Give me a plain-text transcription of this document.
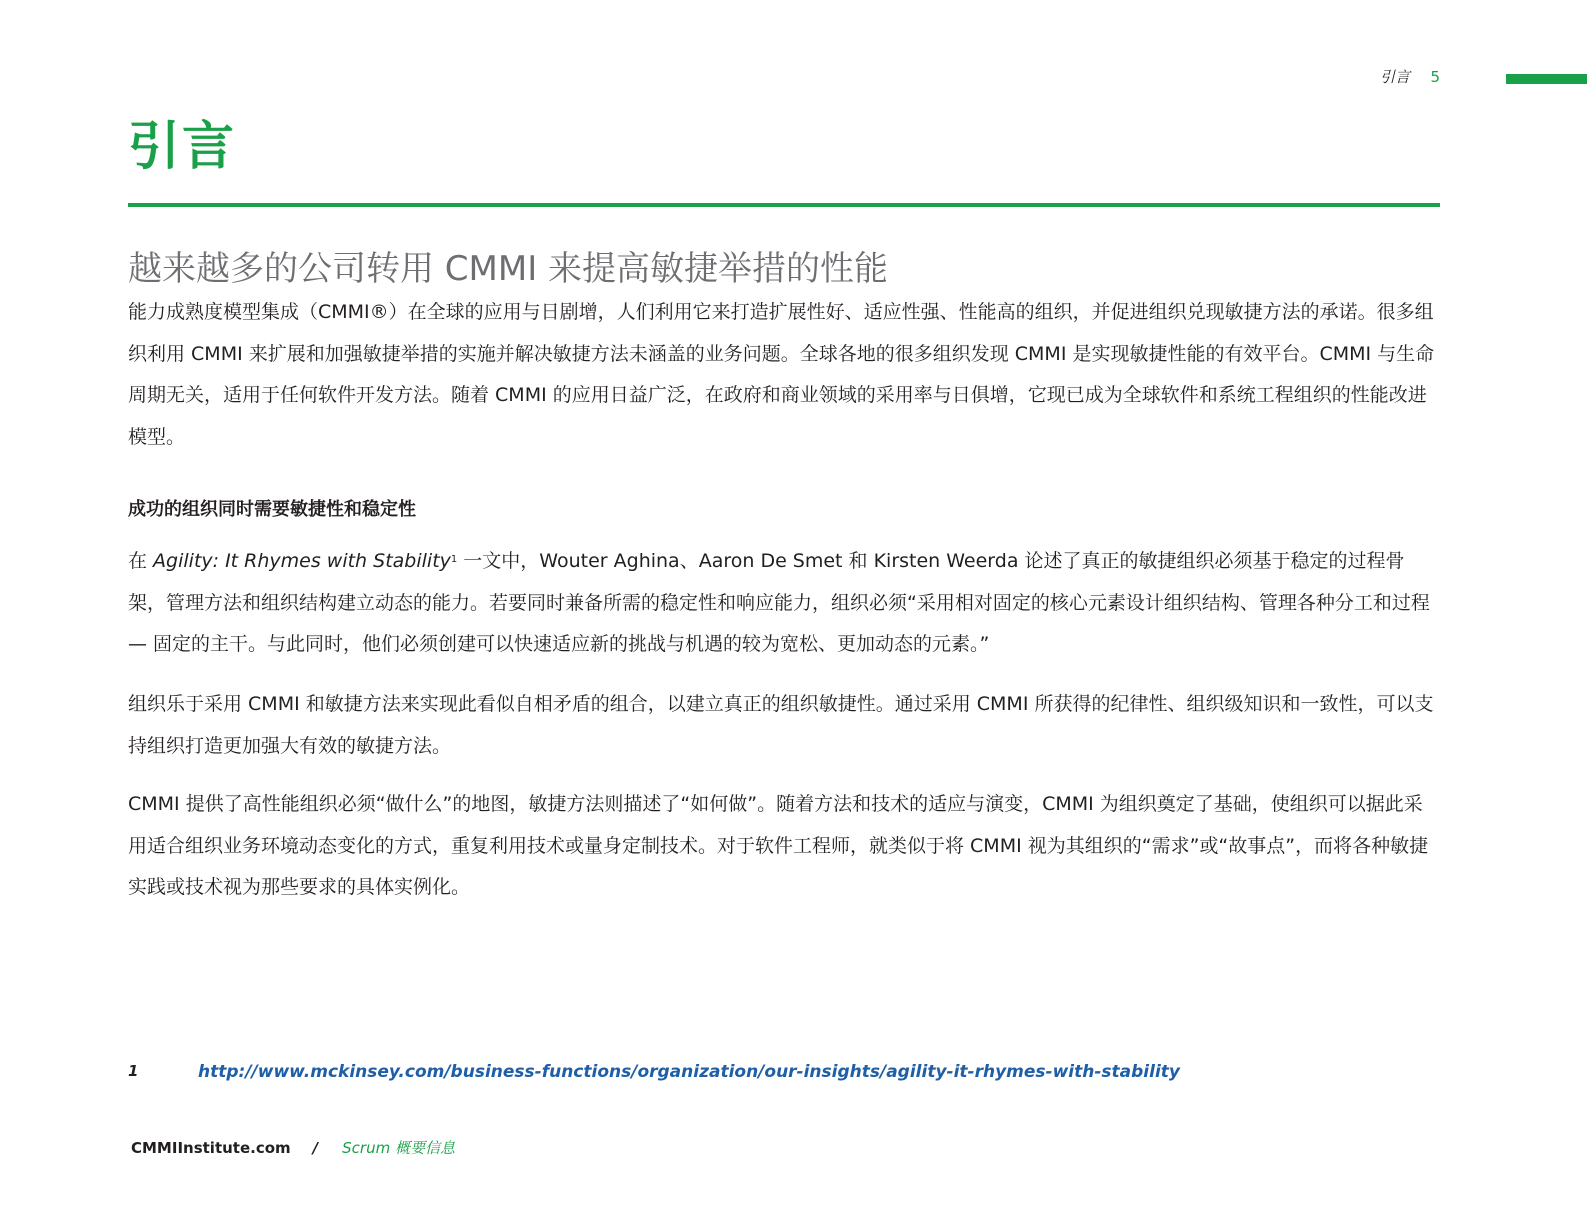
引言 5
引言
越来越多的公司转用 CMMI 来提高敏捷举措的性能

能力成熟度模型集成（CMMI®）在全球的应用与日剧增，人们利用它来打造扩展性好、适应性强、性能高的组织，并促进组织兑现敏捷方法的承诺。很多组织利用 CMMI 来扩展和加强敏捷举措的实施并解决敏捷方法未涵盖的业务问题。全球各地的很多组织发现 CMMI 是实现敏捷性能的有效平台。CMMI 与生命周期无关，适用于任何软件开发方法。随着 CMMI 的应用日益广泛，在政府和商业领域的采用率与日俱增，它现已成为全球软件和系统工程组织的性能改进模型。

成功的组织同时需要敏捷性和稳定性

在 Agility: It Rhymes with Stability$^1$ 一文中，Wouter Aghina、Aaron De Smet 和 Kirsten Weerda 论述了真正的敏捷组织必须基于稳定的过程骨架，管理方法和组织结构建立动态的能力。若要同时兼备所需的稳定性和响应能力，组织必须“采用相对固定的核心元素设计组织结构、管理各种分工和过程 — 固定的主干。与此同时，他们必须创建可以快速适应新的挑战与机遇的较为宽松、更加动态的元素。”

组织乐于采用 CMMI 和敏捷方法来实现此看似自相矛盾的组合，以建立真正的组织敏捷性。通过采用 CMMI 所获得的纪律性、组织级知识和一致性，可以支持组织打造更加强大有效的敏捷方法。

CMMI 提供了高性能组织必须“做什么”的地图，敏捷方法则描述了“如何做”。随着方法和技术的适应与演变，CMMI 为组织奠定了基础，使组织可以据此采用适合组织业务环境动态变化的方式，重复利用技术或量身定制技术。对于软件工程师，就类似于将 CMMI 视为其组织的“需求”或“故事点”，而将各种敏捷实践或技术视为那些要求的具体实例化。

1	http://www.mckinsey.com/business-functions/organization/our-insights/agility-it-rhymes-with-stability
CMMIInstitute.com / Scrum 概要信息
